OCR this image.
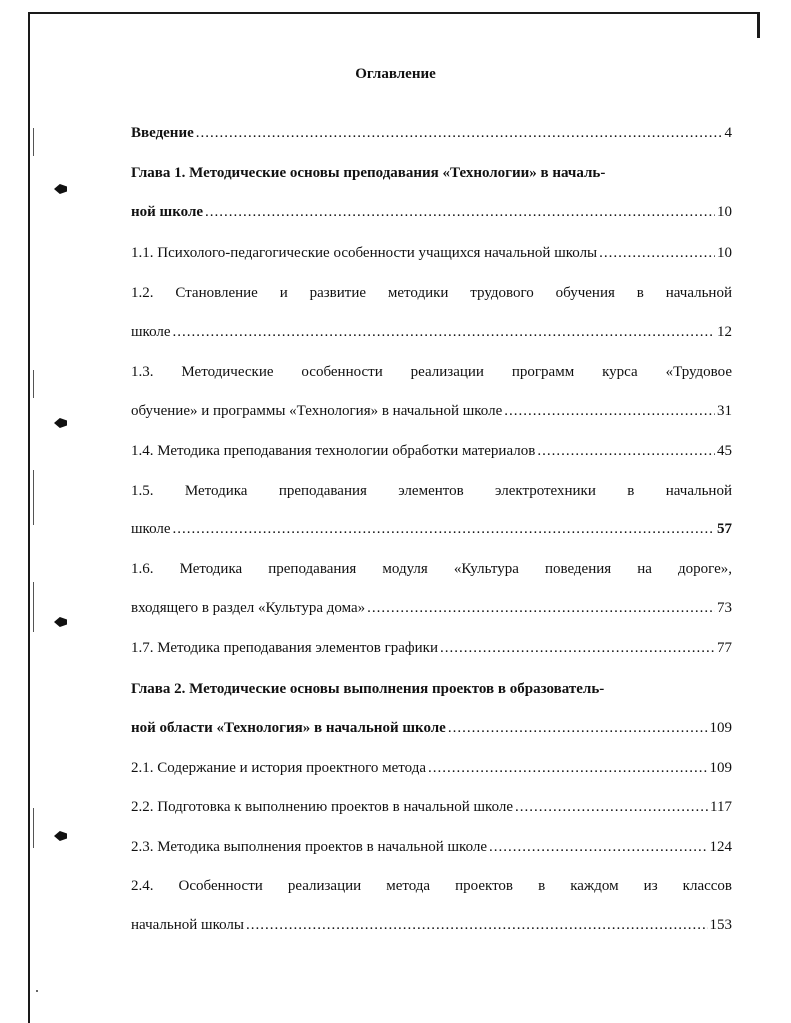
Оглавление
Введение .....	4
Глава 1. Методические основы преподавания «Технологии» в началь-
ной школе .....	10
1.1. Психолого-педагогические особенности учащихся начальной школы .....	10
1.2. Становление и развитие методики трудового обучения в начальной
школе .....	12
1.3. Методические особенности реализации программ курса «Трудовое
обучение» и программы «Технология» в начальной школе .....	31
1.4. Методика преподавания технологии обработки материалов .....	45
1.5. Методика преподавания элементов электротехники в начальной
школе .....	57
1.6. Методика преподавания модуля «Культура поведения на дороге»,
входящего в раздел «Культура дома» .....	73
1.7. Методика преподавания элементов графики .....	77
Глава 2. Методические основы выполнения проектов в образователь-
ной области «Технология» в начальной школе .....	109
2.1. Содержание и история проектного метода .....	109
2.2. Подготовка к выполнению проектов в начальной школе .....	117
2.3. Методика выполнения проектов в начальной школе .....	124
2.4. Особенности реализации метода проектов в каждом из классов
начальной школы .....	153
